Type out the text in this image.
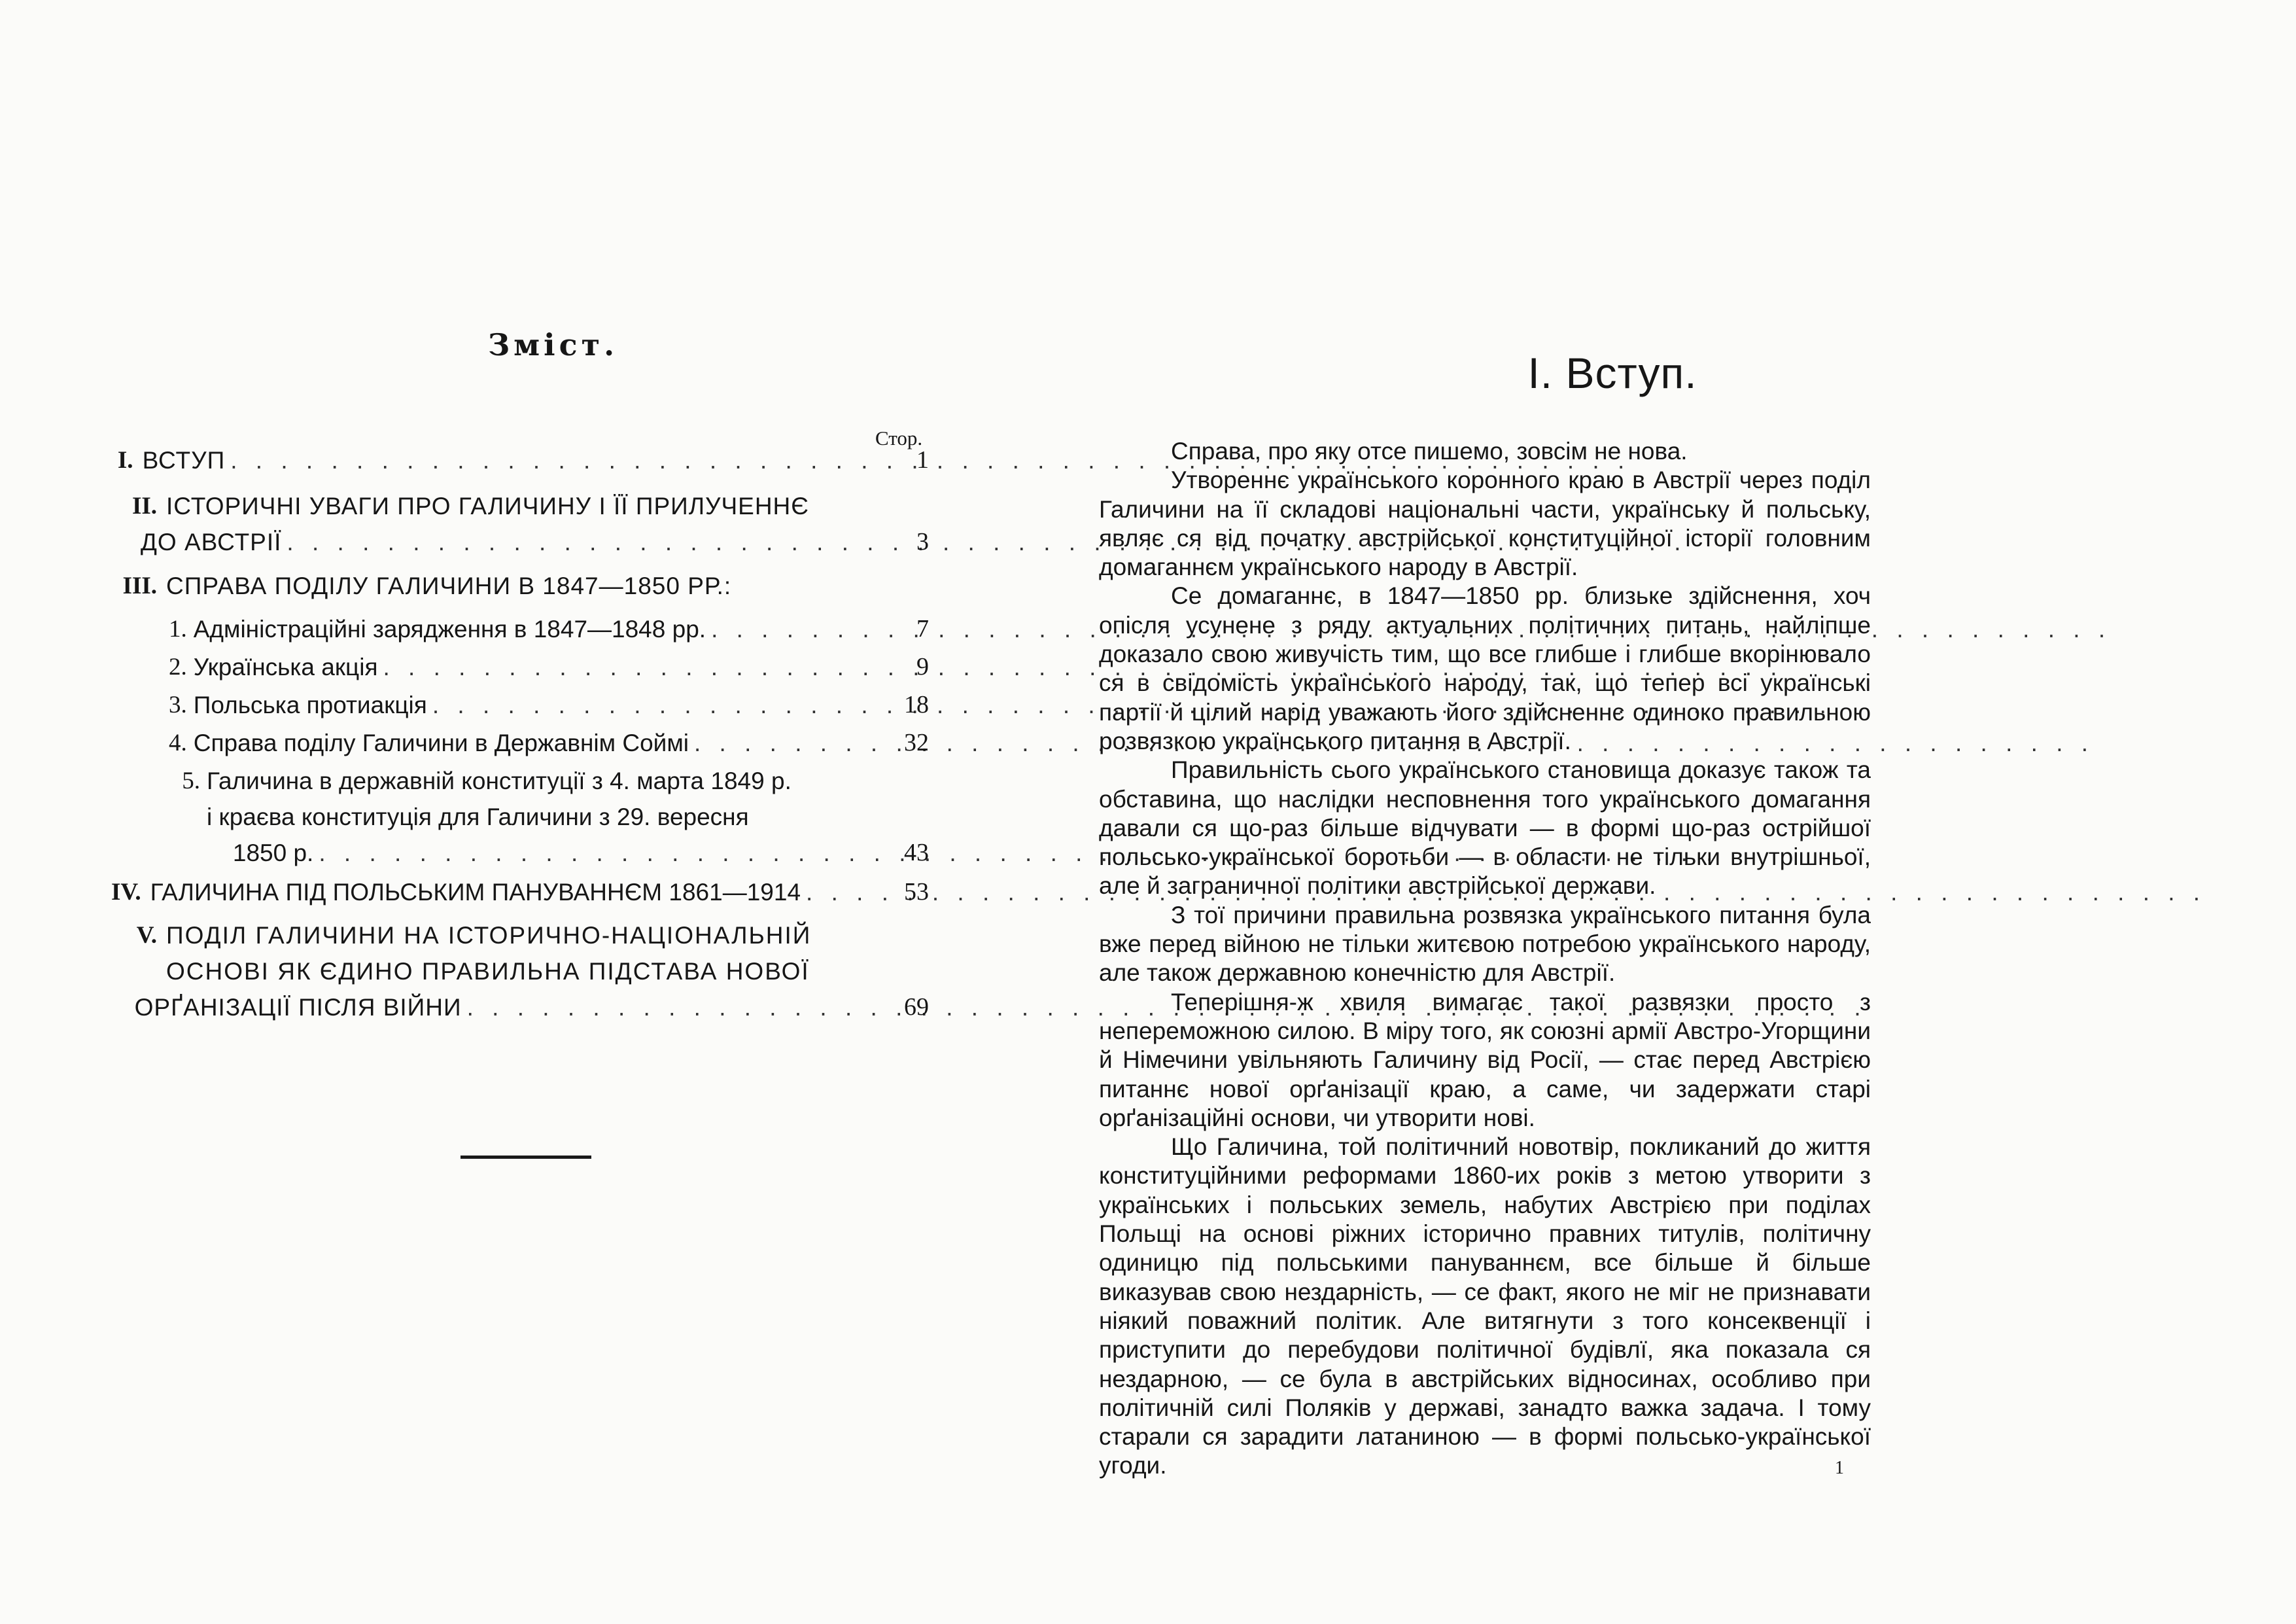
Зміст.
Стор.
I. ВСТУП . . .	1
II. ІСТОРИЧНІ УВАГИ ПРО ГАЛИЧИНУ І ЇЇ ПРИЛУЧЕННЄ
ДО АВСТРІЇ . . .	3
III. СПРАВА ПОДІЛУ ГАЛИЧИНИ В 1847—1850 РР.:
1. Адміністраційні зарядження в 1847—1848 рр. . . .	7
2. Українська акція . . .	9
3. Польська протиакція . . .	18
4. Справа поділу Галичини в Державнім Соймі . . .	32
5. Галичина в державній конституції з 4. марта 1849 р.
і краєва конституція для Галичини з 29. вересня
1850 р. . . .	43
IV. ГАЛИЧИНА ПІД ПОЛЬСЬКИМ ПАНУВАННЄМ 1861—1914 . . .	53
V. ПОДІЛ ГАЛИЧИНИ НА ІСТОРИЧНО-НАЦІОНАЛЬНІЙ
ОСНОВІ ЯК ЄДИНО ПРАВИЛЬНА ПІДСТАВА НОВОЇ
ОРҐАНІЗАЦІЇ ПІСЛЯ ВІЙНИ . . .	69
I. Вступ.

Справа, про яку отсе пишемо, зовсім не нова.

Утвореннє українського коронного краю в Австрії через поділ Галичини на її складові національні части, українську й польську, являє ся від початку австрійської конституційної історії головним домаганнєм українського народу в Австрії.

Се домаганнє, в 1847—1850 рр. близьке здійснення, хоч опісля усунене з ряду актуальних політичних питань, найліпше доказало свою живучість тим, що все глибше і глибше вкорінювало ся в свідомість українського народу, так, що тепер всі українські партії й цілий нарід уважають його здійсненнє одиноко правильною розвязкою українського питання в Австрії.

Правильність сього українського становища доказує також та обставина, що наслідки несповнення того українського домагання давали ся що-раз більше відчувати — в формі що-раз острійшої польсько-української боротьби — в области не тільки внутрішньої, але й заграничної політики австрійської держави.

З тої причини правильна розвязка українського питання була вже перед війною не тільки житєвою потребою українського народу, але також державною конечністю для Австрії.

Теперішня-ж хвиля вимагає такої развязки просто з непереможною силою. В міру того, як союзні армії Австро-Угорщини й Німечини увільняють Галичину від Росії, — стає перед Австрією питаннє нової орґанізації краю, а саме, чи задержати старі орґанізаційні основи, чи утворити нові.

Що Галичина, той політичний новотвір, покликаний до життя конституційними реформами 1860-их років з метою утворити з українських і польських земель, набутих Австрією при поділах Польщі на основі ріжних історично правних титулів, політичну одиницю під польськими пануваннєм, все більше й більше виказував свою нездарність, — се факт, якого не міг не признавати ніякий поважний політик. Але витягнути з того консеквенції і приступити до перебудови політичної будівлї, яка показала ся нездарною, — се була в австрійських відносинах, особливо при політичній силі Поляків у державі, занадто важка задача. І тому старали ся зарадити латаниною — в формі польсько-української угоди.	1
